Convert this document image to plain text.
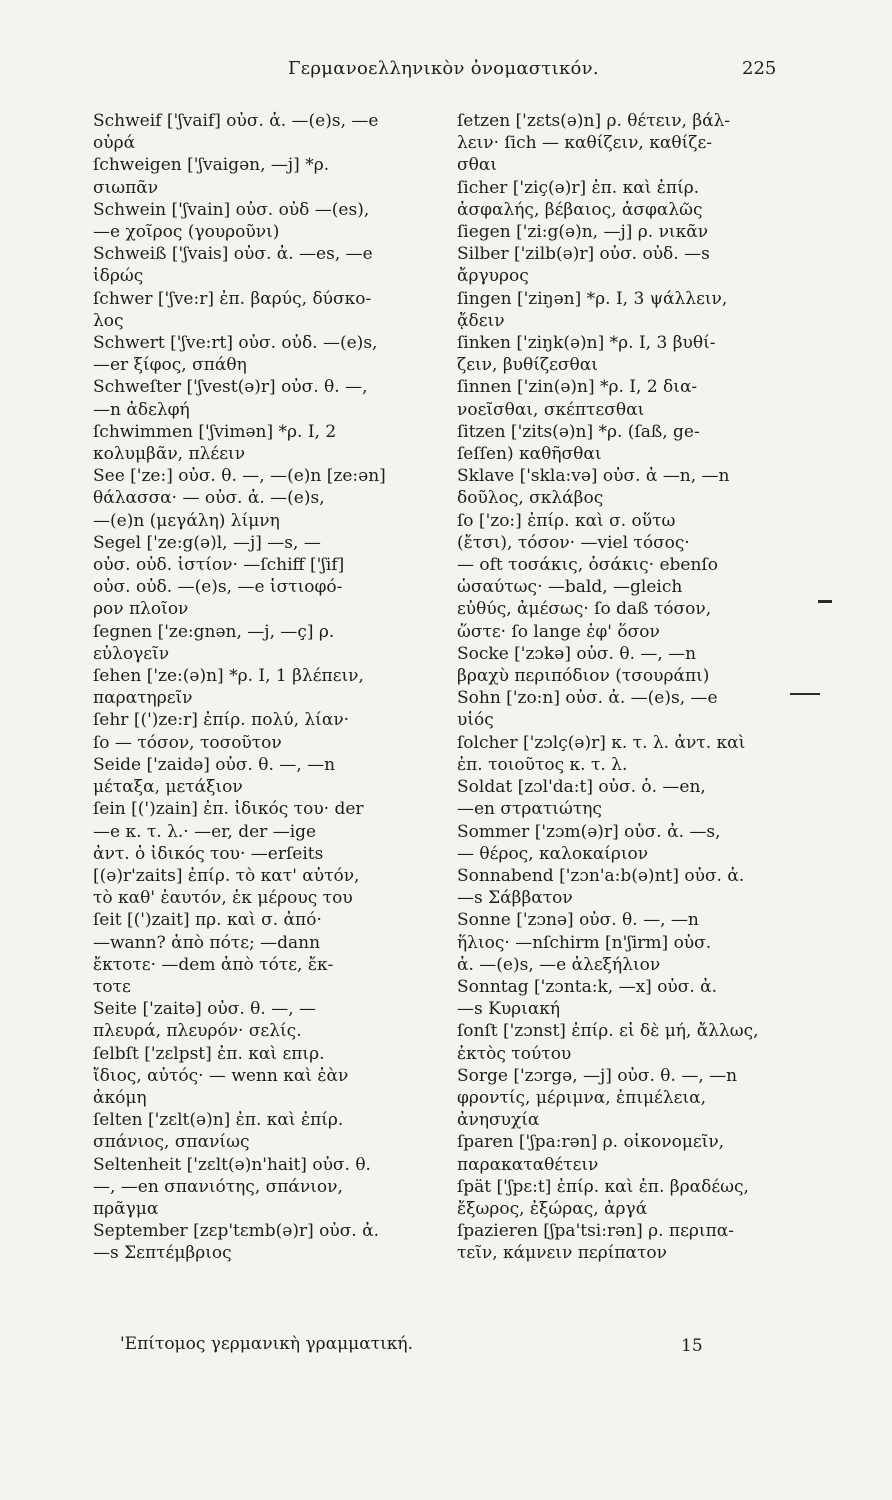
Γερμανοελληνικὸν ὀνομαστικόν.	225
Schweif ['ʃvaif] οὐσ. ἀ. —(e)s, —e
οὐρά
ſchweigen ['ʃvaigən, —j] *ρ.
σιωπᾶν
Schwein ['ʃvain] οὐσ. οὐδ —(es),
—e χοῖρος (γουροῦνι)
Schweiß ['ʃvais] οὐσ. ἀ. —es, —e
ἱδρώς
ſchwer ['ʃve:r] ἐπ. βαρύς, δύσκο-
λος
Schwert ['ʃve:rt] οὐσ. οὐδ. —(e)s,
—er ξίφος, σπάθη
Schweſter ['ʃvest(ə)r] οὐσ. θ. —,
—n ἀδελφή
ſchwimmen ['ʃvimən] *ρ. I, 2
κολυμβᾶν, πλέειν
See ['ze:] οὐσ. θ. —, —(e)n [ze:ən]
θάλασσα· — οὐσ. ἀ. —(e)s,
—(e)n (μεγάλη) λίμνη
Segel ['ze:g(ə)l, —j] —s, —
οὐσ. οὐδ. ἱστίον· —ſchiff ['ʃif]
οὐσ. οὐδ. —(e)s, —e ἱστιοφό-
ρον πλοῖον
ſegnen ['ze:gnən, —j, —ç] ρ.
εὐλογεῖν
ſehen ['ze:(ə)n] *ρ. I, 1 βλέπειν,
παρατηρεῖν
ſehr [(')ze:r] ἐπίρ. πολύ, λίαν·
ſo — τόσον, τοσοῦτον
Seide ['zaidə] οὐσ. θ. —, —n
μέταξα, μετάξιον
ſein [(')zain] ἐπ. ἰδικός του· der
—e κ. τ. λ.· —er, der —ige
ἀντ. ὁ ἰδικός του· —erſeits
[(ə)r'zaits] ἐπίρ. τὸ κατ' αὐτόν,
τὸ καθ' ἑαυτόν, ἐκ μέρους του
ſeit [(')zait] πρ. καὶ σ. ἀπό·
—wann? ἀπὸ πότε; —dann
ἔκτοτε· —dem ἀπὸ τότε, ἔκ-
τοτε
Seite ['zaitə] οὐσ. θ. —, —
πλευρά, πλευρόν· σελίς.
ſelbſt ['zɛlpst] ἐπ. καὶ επιρ.
ἴδιος, αὐτός· — wenn καὶ ἐὰν
ἀκόμη
ſelten ['zɛlt(ə)n] ἐπ. καὶ ἐπίρ.
σπάνιος, σπανίως
Seltenheit ['zɛlt(ə)n'hait] οὐσ. θ.
—, —en σπανιότης, σπάνιον,
πρᾶγμα
September [zɛp'tɛmb(ə)r] οὐσ. ἀ.
—s Σεπτέμβριος
ſetzen ['zɛts(ə)n] ρ. θέτειν, βάλ-
λειν· ſich — καθίζειν, καθίζε-
σθαι
ſicher ['ziç(ə)r] ἐπ. καὶ ἐπίρ.
ἀσφαλής, βέβαιος, ἀσφαλῶς
ſiegen ['zi:g(ə)n, —j] ρ. νικᾶν
Silber ['zilb(ə)r] οὐσ. οὐδ. —s
ἄργυρος
ſingen ['ziŋən] *ρ. I, 3 ψάλλειν,
ᾄδειν
ſinken ['ziŋk(ə)n] *ρ. I, 3 βυθί-
ζειν, βυθίζεσθαι
ſinnen ['zin(ə)n] *ρ. I, 2 δια-
νοεῖσθαι, σκέπτεσθαι
ſitzen ['zits(ə)n] *ρ. (ſaß, ge-
ſeſſen) καθῆσθαι
Sklave ['skla:və] οὐσ. ἀ —n, —n
δοῦλος, σκλάβος
ſo ['zo:] ἐπίρ. καὶ σ. οὕτω
(ἔτσι), τόσον· —viel τόσος·
— oft τοσάκις, ὁσάκις· ebenſo
ὡσαύτως· —bald, —gleich
εὐθύς, ἀμέσως· ſo daß τόσον,
ὥστε· ſo lange ἐφ' ὅσον
Socke ['zɔkə] οὐσ. θ. —, —n
βραχὺ περιπόδιον (τσουράπι)
Sohn ['zo:n] οὐσ. ἀ. —(e)s, —e
υἱός
ſolcher ['zɔlç(ə)r] κ. τ. λ. ἀντ. καὶ
ἐπ. τοιοῦτος κ. τ. λ.
Soldat [zɔl'da:t] οὐσ. ὁ. —en,
—en στρατιώτης
Sommer ['zɔm(ə)r] οὐσ. ἀ. —s,
— θέρος, καλοκαίριον
Sonnabend ['zɔn'a:b(ə)nt] οὐσ. ἀ.
—s Σάββατον
Sonne ['zɔnə] οὐσ. θ. —, —n
ἥλιος· —nſchirm [n'ʃirm] οὐσ.
ἀ. —(e)s, —e ἀλεξήλιον
Sonntag ['zɔnta:k, —x] οὐσ. ἀ.
—s Κυριακή
ſonſt ['zɔnst] ἐπίρ. εἰ δὲ μή, ἄλλως,
ἐκτὸς τούτου
Sorge ['zɔrgə, —j] οὐσ. θ. —, —n
φροντίς, μέριμνα, ἐπιμέλεια,
ἀνησυχία
ſparen ['ʃpa:rən] ρ. οἰκονομεῖν,
παρακαταθέτειν
ſpät ['ʃpɛ:t] ἐπίρ. καὶ ἐπ. βραδέως,
ἔξωρος, ἐξώρας, ἀργά
ſpazieren [ʃpa'tsi:rən] ρ. περιπα-
τεῖν, κάμνειν περίπατον
'Επίτομος γερμανικὴ γραμματική.	15
